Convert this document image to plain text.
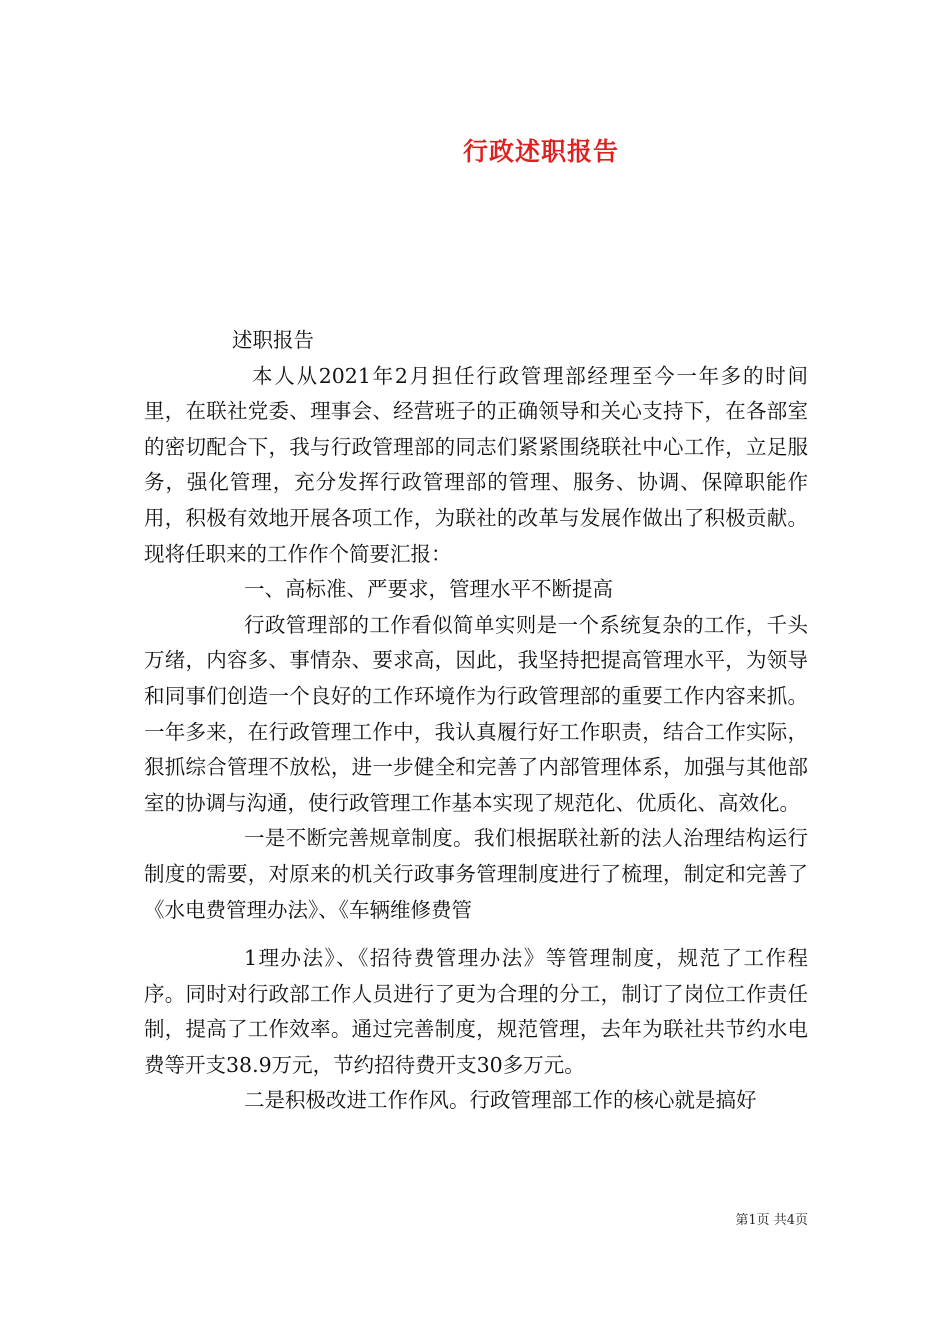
行政述职报告

述职报告

本人从2021年2月担任行政管理部经理至今一年多的时间里，在联社党委、理事会、经营班子的正确领导和关心支持下，在各部室的密切配合下，我与行政管理部的同志们紧紧围绕联社中心工作，立足服务，强化管理，充分发挥行政管理部的管理、服务、协调、保障职能作用，积极有效地开展各项工作，为联社的改革与发展作做出了积极贡献。现将任职来的工作作个简要汇报：

一、高标准、严要求，管理水平不断提高

行政管理部的工作看似简单实则是一个系统复杂的工作，千头万绪，内容多、事情杂、要求高，因此，我坚持把提高管理水平，为领导和同事们创造一个良好的工作环境作为行政管理部的重要工作内容来抓。一年多来，在行政管理工作中，我认真履行好工作职责，结合工作实际，狠抓综合管理不放松，进一步健全和完善了内部管理体系，加强与其他部室的协调与沟通，使行政管理工作基本实现了规范化、优质化、高效化。

一是不断完善规章制度。我们根据联社新的法人治理结构运行制度的需要，对原来的机关行政事务管理制度进行了梳理，制定和完善了《水电费管理办法》、《车辆维修费管

1理办法》、《招待费管理办法》等管理制度，规范了工作程序。同时对行政部工作人员进行了更为合理的分工，制订了岗位工作责任制，提高了工作效率。通过完善制度，规范管理，去年为联社共节约水电费等开支38.9万元，节约招待费开支30多万元。

二是积极改进工作作风。行政管理部工作的核心就是搞好

第1页 共4页
